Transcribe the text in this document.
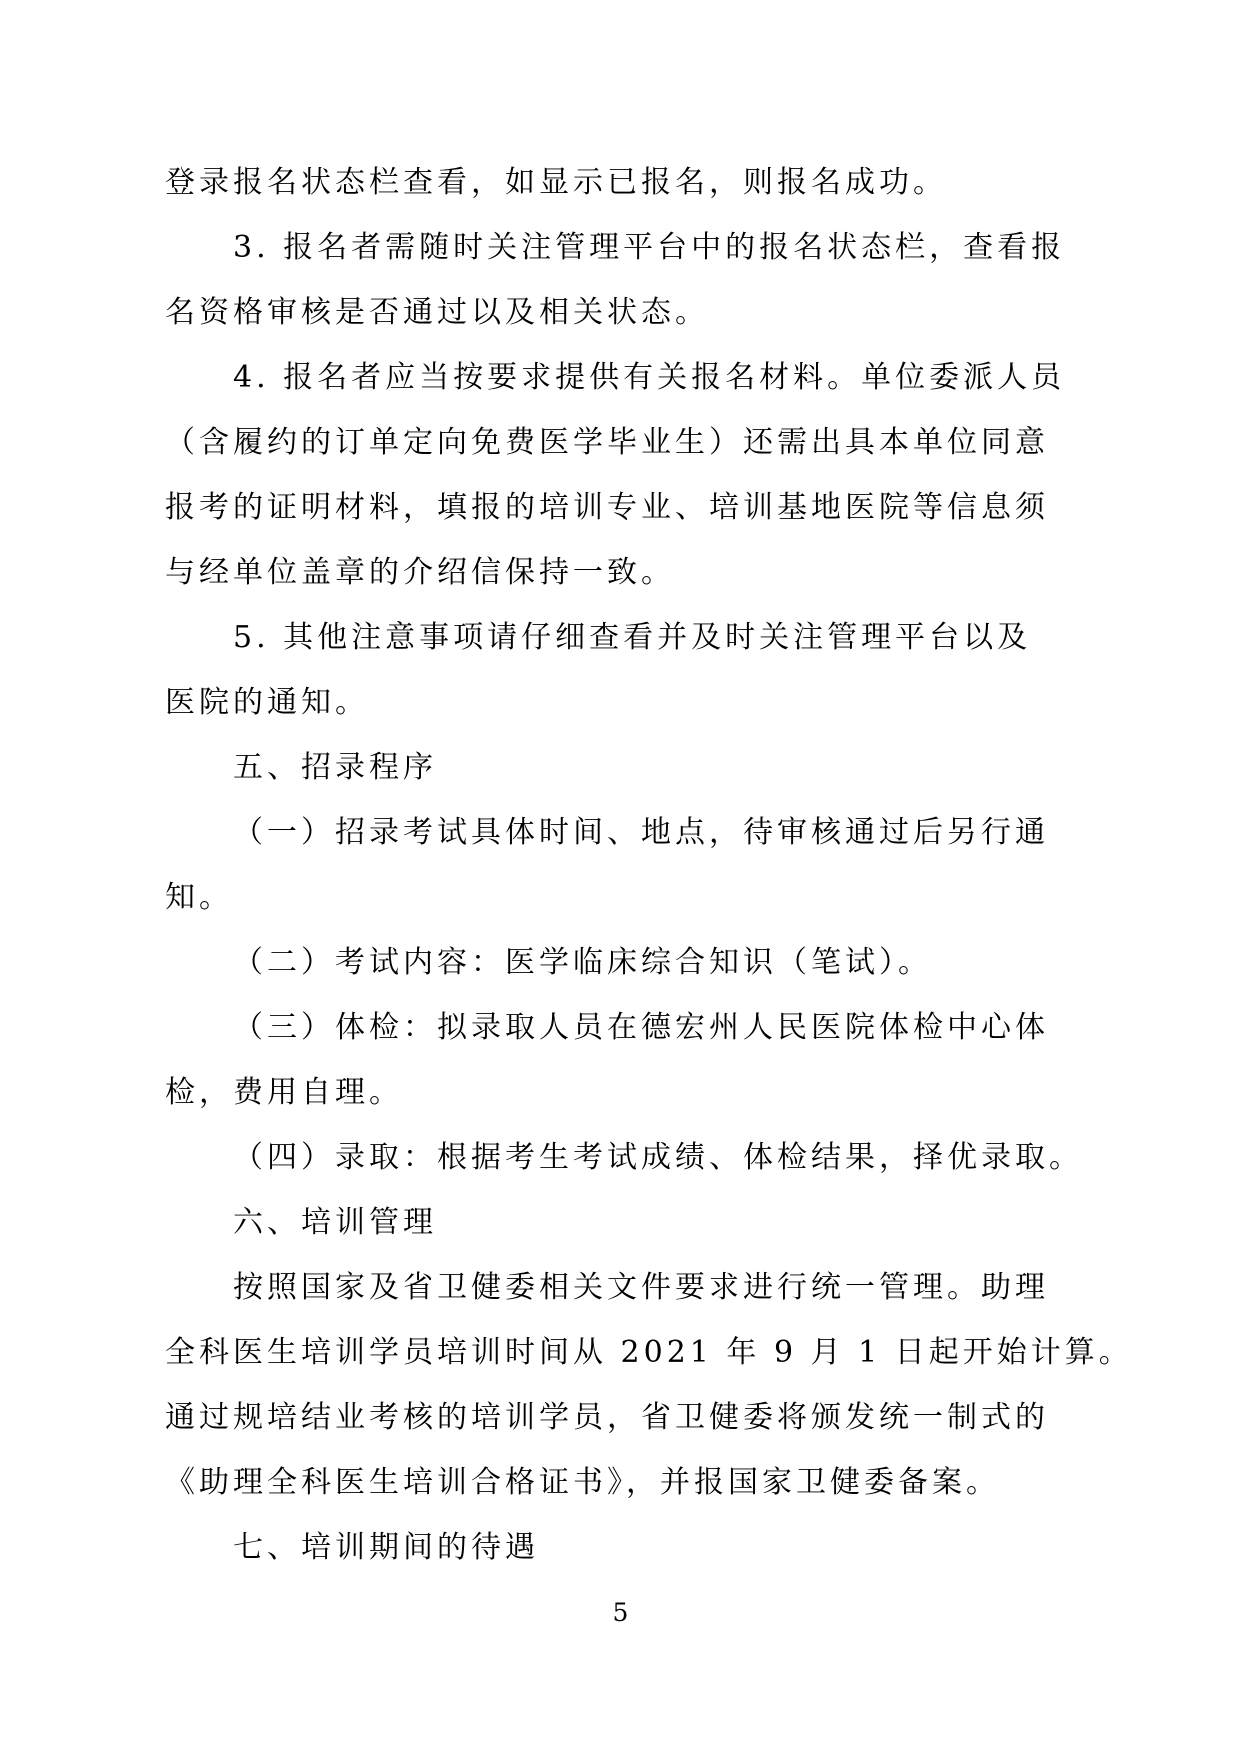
登录报名状态栏查看，如显示已报名，则报名成功。
3. 报名者需随时关注管理平台中的报名状态栏，查看报
名资格审核是否通过以及相关状态。
4. 报名者应当按要求提供有关报名材料。单位委派人员
（含履约的订单定向免费医学毕业生）还需出具本单位同意
报考的证明材料，填报的培训专业、培训基地医院等信息须
与经单位盖章的介绍信保持一致。
5. 其他注意事项请仔细查看并及时关注管理平台以及
医院的通知。
五、招录程序
（一）招录考试具体时间、地点，待审核通过后另行通
知。
（二）考试内容：医学临床综合知识（笔试）。
（三）体检：拟录取人员在德宏州人民医院体检中心体
检，费用自理。
（四）录取：根据考生考试成绩、体检结果，择优录取。
六、培训管理
按照国家及省卫健委相关文件要求进行统一管理。助理
全科医生培训学员培训时间从 2021 年 9 月 1 日起开始计算。
通过规培结业考核的培训学员，省卫健委将颁发统一制式的
《助理全科医生培训合格证书》，并报国家卫健委备案。
七、培训期间的待遇
5
